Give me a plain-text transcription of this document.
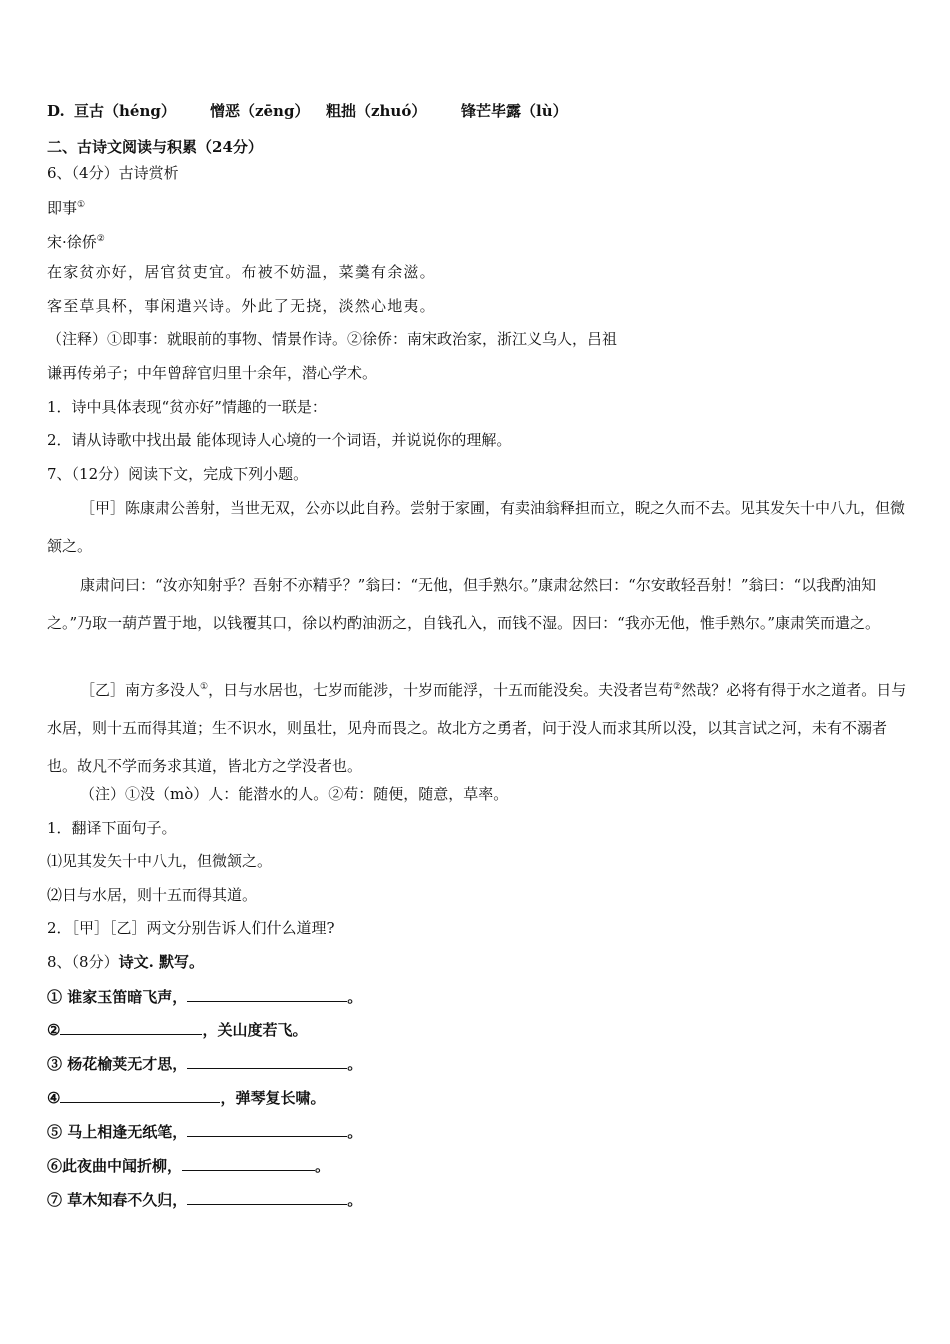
D. 亘古（héng） 憎恶（zēng） 粗拙（zhuó） 锋芒毕露（lù）
二、古诗文阅读与积累（24分）
6、（4分）古诗赏析
即事①
宋·徐侨②
在家贫亦好，居官贫吏宜。布被不妨温，菜羹有余滋。
客至草具杯，事闲遣兴诗。外此了无挠，淡然心地夷。
（注释）①即事：就眼前的事物、情景作诗。②徐侨：南宋政治家，浙江义乌人，吕祖
谦再传弟子；中年曾辞官归里十余年，潜心学术。
1．诗中具体表现“贫亦好”情趣的一联是：
2．请从诗歌中找出最 能体现诗人心境的一个词语，并说说你的理解。
7、（12分）阅读下文，完成下列小题。
［甲］陈康肃公善射，当世无双，公亦以此自矜。尝射于家圃，有卖油翁释担而立，睨之久而不去。见其发矢十中八九，但微颔之。
康肃问曰：“汝亦知射乎？吾射不亦精乎？”翁曰：“无他，但手熟尔。”康肃忿然曰：“尔安敢轻吾射！”翁曰：“以我酌油知之。”乃取一葫芦置于地，以钱覆其口，徐以杓酌油沥之，自钱孔入，而钱不湿。因曰：“我亦无他，惟手熟尔。”康肃笑而遣之。
［乙］南方多没人①，日与水居也，七岁而能涉，十岁而能浮，十五而能没矣。夫没者岂苟②然哉？必将有得于水之道者。日与水居，则十五而得其道；生不识水，则虽壮，见舟而畏之。故北方之勇者，问于没人而求其所以没，以其言试之河，未有不溺者也。故凡不学而务求其道，皆北方之学没者也。
（注）①没（mò）人：能潜水的人。②苟：随便，随意，草率。
1．翻译下面句子。
⑴见其发矢十中八九，但微颔之。
⑵日与水居，则十五而得其道。
2．［甲］［乙］两文分别告诉人们什么道理?
8、（8分）诗文. 默写。
① 谁家玉笛暗飞声，	。
②	，关山度若飞。
③ 杨花榆荚无才思，	。
④	，弹琴复长啸。
⑤ 马上相逢无纸笔，	。
⑥此夜曲中闻折柳，	。
⑦ 草木知春不久归，	。
